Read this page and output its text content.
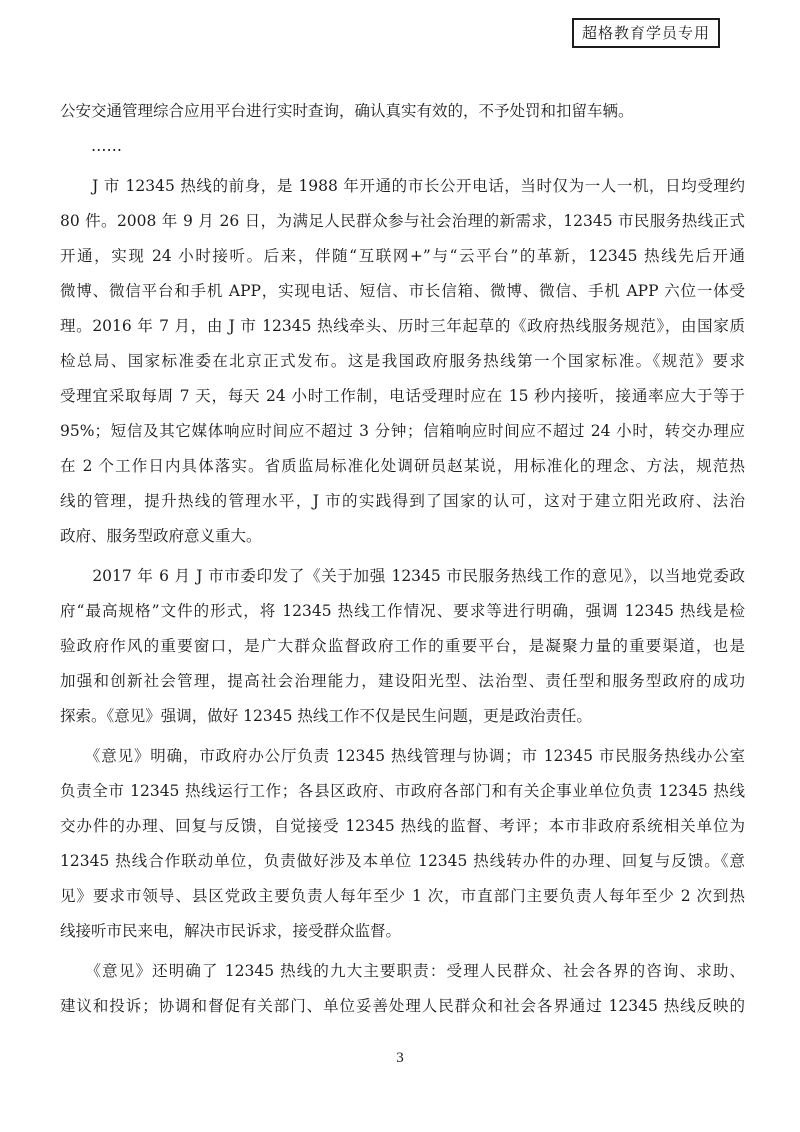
超格教育学员专用
公安交通管理综合应用平台进行实时查询，确认真实有效的，不予处罚和扣留车辆。
　　……
　　J 市 12345 热线的前身，是 1988 年开通的市长公开电话，当时仅为一人一机，日均受理约
80 件。2008 年 9 月 26 日，为满足人民群众参与社会治理的新需求，12345 市民服务热线正式
开通，实现 24 小时接听。后来，伴随“互联网+”与“云平台”的革新，12345 热线先后开通
微博、微信平台和手机 APP，实现电话、短信、市长信箱、微博、微信、手机 APP 六位一体受
理。2016 年 7 月，由 J 市 12345 热线牵头、历时三年起草的《政府热线服务规范》，由国家质
检总局、国家标准委在北京正式发布。这是我国政府服务热线第一个国家标准。《规范》要求
受理宜采取每周 7 天，每天 24 小时工作制，电话受理时应在 15 秒内接听，接通率应大于等于
95%；短信及其它媒体响应时间应不超过 3 分钟；信箱响应时间应不超过 24 小时，转交办理应
在 2 个工作日内具体落实。省质监局标准化处调研员赵某说，用标准化的理念、方法，规范热
线的管理，提升热线的管理水平，J 市的实践得到了国家的认可，这对于建立阳光政府、法治
政府、服务型政府意义重大。
　　2017 年 6 月 J 市市委印发了《关于加强 12345 市民服务热线工作的意见》，以当地党委政
府“最高规格”文件的形式，将 12345 热线工作情况、要求等进行明确，强调 12345 热线是检
验政府作风的重要窗口，是广大群众监督政府工作的重要平台，是凝聚力量的重要渠道，也是
加强和创新社会管理，提高社会治理能力，建设阳光型、法治型、责任型和服务型政府的成功
探索。《意见》强调，做好 12345 热线工作不仅是民生问题，更是政治责任。
　　《意见》明确，市政府办公厅负责 12345 热线管理与协调；市 12345 市民服务热线办公室
负责全市 12345 热线运行工作；各县区政府、市政府各部门和有关企事业单位负责 12345 热线
交办件的办理、回复与反馈，自觉接受 12345 热线的监督、考评；本市非政府系统相关单位为
12345 热线合作联动单位，负责做好涉及本单位 12345 热线转办件的办理、回复与反馈。《意
见》要求市领导、县区党政主要负责人每年至少 1 次，市直部门主要负责人每年至少 2 次到热
线接听市民来电，解决市民诉求，接受群众监督。
　　《意见》还明确了 12345 热线的九大主要职责：受理人民群众、社会各界的咨询、求助、
建议和投诉；协调和督促有关部门、单位妥善处理人民群众和社会各界通过 12345 热线反映的
3
